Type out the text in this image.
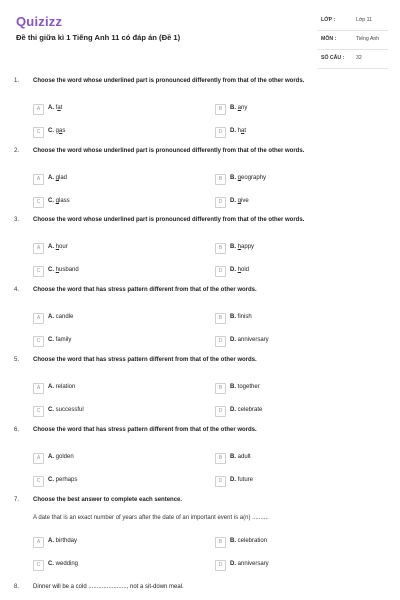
Quizizz
Đề thi giữa kì 1 Tiếng Anh 11 có đáp án (Đề 1)
LỚP :	Lớp 11
MÔN :	Tiếng Anh
SỐ CÂU : 32
1. Choose the word whose underlined part is pronounced differently from that of the other words.
A	A. fat	B	B. any
C	C. gas	D	D. hat
2. Choose the word whose underlined part is pronounced differently from that of the other words.
A	A. glad	B	B. geography
C	C. glass	D	D. give
3. Choose the word whose underlined part is pronounced differently from that of the other words.
A	A. hour	B	B. happy
C	C. husband	D	D. hold
4. Choose the word that has stress pattern different from that of the other words.
A	A. candle	B	B. finish
C	C. family	D	D. anniversary
5. Choose the word that has stress pattern different from that of the other words.
A	A. relation	B	B. together
C	C. successful	D	D. celebrate
6. Choose the word that has stress pattern different from that of the other words.
A	A. golden	B	B. adult
C	C. perhaps	D	D. future
7. Choose the best answer to complete each sentence.
A date that is an exact number of years after the date of an important event is a(n) ..........
A	A. birthday	B	B. celebration
C	C. wedding	D	D. anniversary
8. Dinner will be a cold ......................., not a sit-down meal.
